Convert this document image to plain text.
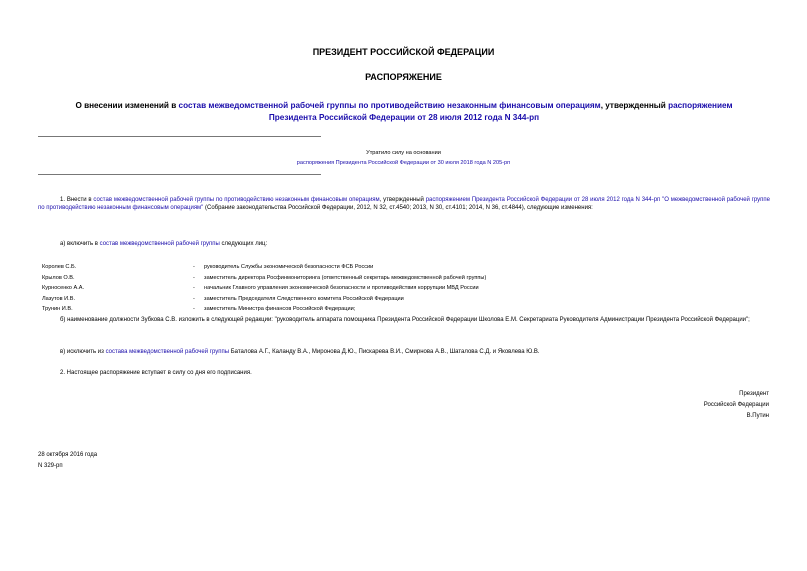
ПРЕЗИДЕНТ РОССИЙСКОЙ ФЕДЕРАЦИИ
РАСПОРЯЖЕНИЕ
О внесении изменений в состав межведомственной рабочей группы по противодействию незаконным финансовым операциям, утвержденный распоряжением
Президента Российской Федерации от 28 июля 2012 года N 344-рп
Утратило силу на основании
распоряжения Президента Российской Федерации от 30 июля 2018 года N 205-рп
1. Внести в состав межведомственной рабочей группы по противодействию незаконным финансовым операциям, утвержденный распоряжением Президента Российской Федерации от 28 июля 2012 года N 344-рп "О межведомственной рабочей группе по противодействию незаконным финансовым операциям" (Собрание законодательства Российской Федерации, 2012, N 32, ст.4540; 2013, N 30, ст.4101; 2014, N 36, ст.4844), следующие изменения:
а) включить в состав межведомственной рабочей группы следующих лиц:
Королев С.Б.	- руководитель Службы экономической безопасности ФСБ России
Крылов О.В.	- заместитель директора Росфинмониторинга (ответственный секретарь межведомственной рабочей группы)
Курносенко А.А.	- начальник Главного управления экономической безопасности и противодействия коррупции МВД России
Лазутов И.В.	- заместитель Председателя Следственного комитета Российской Федерации
Трунин И.В.	- заместитель Министра финансов Российской Федерации;
б) наименование должности Зубкова С.В. изложить в следующей редакции: "руководитель аппарата помощника Президента Российской Федерации Школова Е.М. Секретариата Руководителя Администрации Президента Российской Федерации";
в) исключить из состава межведомственной рабочей группы Баталова А.Г., Каланду В.А., Миронова Д.Ю., Пискарева В.И., Смирнова А.В., Шаталова С.Д. и Яковлева Ю.В.
2. Настоящее распоряжение вступает в силу со дня его подписания.
Президент
Российской Федерации
В.Путин
28 октября 2016 года
N 329-рп
